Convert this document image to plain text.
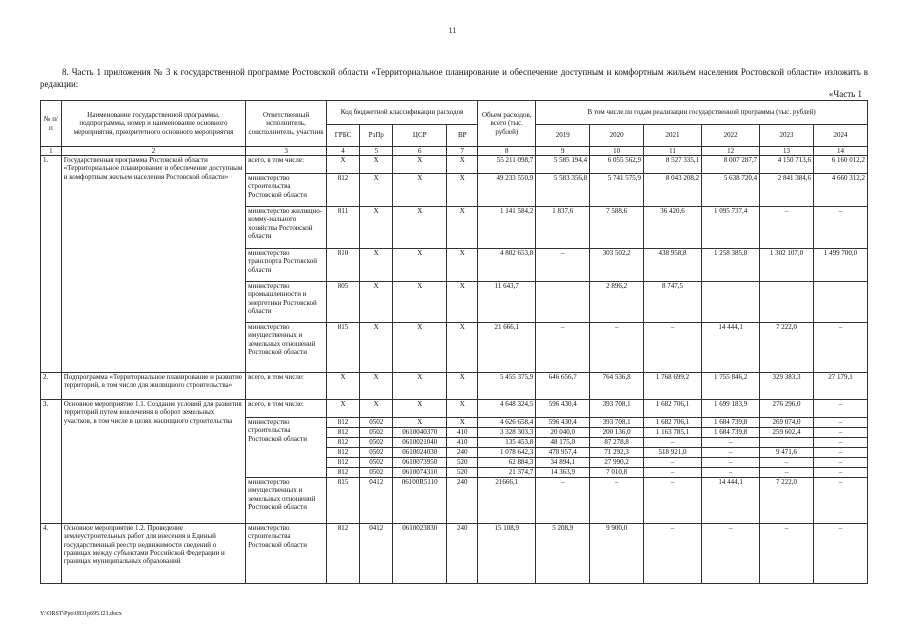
11
8. Часть 1 приложения № 3 к государственной программе Ростовской области «Территориальное планирование и обеспечение доступным и комфортным жильем населения Ростовской области» изложить в редакции:
«Часть 1
№ п/п	Наименование государственной программы, подпрограммы, номер и наименование основного мероприятия, приоритетного основного мероприятия	Ответственный исполнитель, соисполнитель, участник	Код бюджетной классификации расходов				Объем расходов, всего (тыс. рублей)	В том числе по годам реализации государственной программы (тыс. рублей)					
			ГРБС	РзПр	ЦСР	ВР		2019	2020	2021	2022	2023	2024
1	2	3	4	5	6	7	8	9	10	11	12	13	14
1.	Государственная программа Ростовской области «Территориальное планирование и обеспечение доступным и комфортным жильем населения Ростовской области»	всего, в том числе:	Х	Х	Х	Х	55 211 098,7	5 585 194,4	6 055 562,9	8 527 335,1	8 007 287,7	4 150 713,6	6 160 012,2
		министерство строительства Ростовской области	812	Х	Х	Х	49 233 550,9	5 583 356,8	5 741 575,9	8 043 208,2	5 638 720,4	2 841 384,6	4 660 312,2
		министерство жилищно-комму-нального хозяйства Ростовской области	811	Х	Х	Х	1 141 584,2	1 837,6	7 588,6	36 420,6	1 095 737,4	–	–
		министерство транспорта Ростовской области	810	Х	Х	Х	4 802 653,8	–	303 502,2	438 958,8	1 258 385,8	1 302 107,0	1 499 700,0
		министерство промышленности и энергетики Ростовской области	805	Х	Х	Х	11 643,7		2 896,2	8 747,5			
		министерство имущественных и земельных отношений Ростовской области	815	Х	Х	Х	21 666,1	–	–	–	14 444,1	7 222,0	–
2.	Подпрограмма «Территориальное планирование и развитие территорий, в том числе для жилищного строительства»	всего, в том числе:	Х	Х	Х	Х	5 455 375,9	646 656,7	764 536,8	1 768 699,2	1 755 846,2	329 383,3	27 179,1
3.	Основное мероприятие 1.1. Создание условий для развития территорий путем вовлечения в оборот земельных участков, в том числе в целях жилищного строительства	всего, в том числе:	Х	Х	Х	Х	4 648 324,5	596 430,4	393 708,1	1 682 706,1	1 699 183,9	276 296,0	–
		министерство строительства Ростовской области	812	0502	Х	Х	4 626 658,4	596 430,4	393 708,1	1 682 706,1	1 684 739,8	269 074,0	–
			812	0502	0610040370	410	3 328 303,3	20 040,0	200 136,0	1 163 785,1	1 684 739,8	259 602,4	–
			812	0502	0610021040	410	135 453,8	48 175,0	87 278,8	–	–		–
			812	0502	0610024030	240	1 078 642,3	478 957,4	71 292,3	518 921,0	–	9 471,6	–
			812	0502	0610073950	520	62 884,3	34 894,1	27 990,2	–	–	–	–
			812	0502	0610074310	520	21 374,7	14 363,9	7 010,8	–	–	–	–
		министерство имущественных и земельных отношений Ростовской области	815	0412	06100R5110	240	21666,1	–	–	–	14 444,1	7 222,0	–
4.	Основное мероприятие 1.2. Проведение землеустроительных работ для внесения в Единый государственный реестр недвижимости сведений о границах между субъектами Российской Федерации и границах муниципальных образований	министерство строительства Ростовской области	812	0412	0610023830	240	15 108,9	5 208,9	9 900,0	–	–	–	–
Y:\ORST\Ppo\0831p695.f21.docx
